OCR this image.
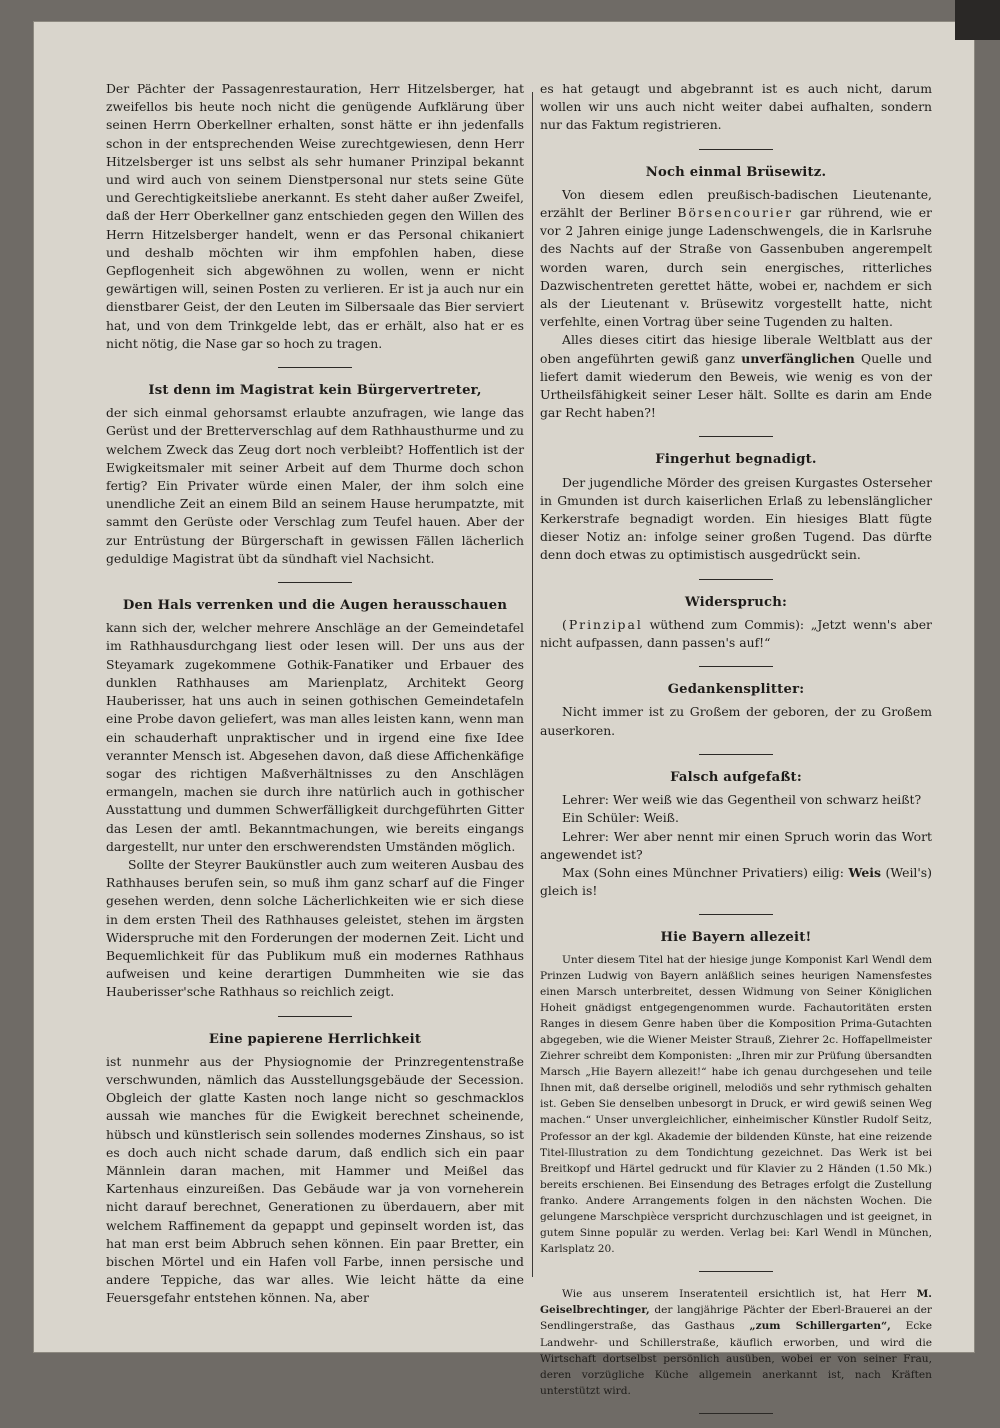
Der Pächter der Passagenrestauration, Herr Hitzelsberger, hat zweifellos bis heute noch nicht die genügende Aufklärung über seinen Herrn Oberkellner erhalten, sonst hätte er ihn jedenfalls schon in der entsprechenden Weise zurechtgewiesen, denn Herr Hitzelsberger ist uns selbst als sehr humaner Prinzipal bekannt und wird auch von seinem Dienstpersonal nur stets seine Güte und Gerechtigkeitsliebe anerkannt. Es steht daher außer Zweifel, daß der Herr Oberkellner ganz entschieden gegen den Willen des Herrn Hitzelsberger handelt, wenn er das Personal chikaniert und deshalb möchten wir ihm empfohlen haben, diese Gepflogenheit sich abgewöhnen zu wollen, wenn er nicht gewärtigen will, seinen Posten zu verlieren. Er ist ja auch nur ein dienstbarer Geist, der den Leuten im Silbersaale das Bier serviert hat, und von dem Trinkgelde lebt, das er erhält, also hat er es nicht nötig, die Nase gar so hoch zu tragen.

Ist denn im Magistrat kein Bürgervertreter,

der sich einmal gehorsamst erlaubte anzufragen, wie lange das Gerüst und der Bretterverschlag auf dem Rathhausthurme und zu welchem Zweck das Zeug dort noch verbleibt? Hoffentlich ist der Ewigkeitsmaler mit seiner Arbeit auf dem Thurme doch schon fertig? Ein Privater würde einen Maler, der ihm solch eine unendliche Zeit an einem Bild an seinem Hause herumpatzte, mit sammt den Gerüste oder Verschlag zum Teufel hauen. Aber der zur Entrüstung der Bürgerschaft in gewissen Fällen lächerlich geduldige Magistrat übt da sündhaft viel Nachsicht.

Den Hals verrenken und die Augen herausschauen

kann sich der, welcher mehrere Anschläge an der Gemeindetafel im Rathhausdurchgang liest oder lesen will. Der uns aus der Steyamark zugekommene Gothik-Fanatiker und Erbauer des dunklen Rathhauses am Marienplatz, Architekt Georg Hauberisser, hat uns auch in seinen gothischen Gemeindetafeln eine Probe davon geliefert, was man alles leisten kann, wenn man ein schauderhaft unpraktischer und in irgend eine fixe Idee verannter Mensch ist. Abgesehen davon, daß diese Affichenkäfige sogar des richtigen Maßverhältnisses zu den Anschlägen ermangeln, machen sie durch ihre natürlich auch in gothischer Ausstattung und dummen Schwerfälligkeit durchgeführten Gitter das Lesen der amtl. Bekanntmachungen, wie bereits eingangs dargestellt, nur unter den erschwerendsten Umständen möglich.

Sollte der Steyrer Baukünstler auch zum weiteren Ausbau des Rathhauses berufen sein, so muß ihm ganz scharf auf die Finger gesehen werden, denn solche Lächerlichkeiten wie er sich diese in dem ersten Theil des Rathhauses geleistet, stehen im ärgsten Widerspruche mit den Forderungen der modernen Zeit. Licht und Bequemlichkeit für das Publikum muß ein modernes Rathhaus aufweisen und keine derartigen Dummheiten wie sie das Hauberisser'sche Rathhaus so reichlich zeigt.

Eine papierene Herrlichkeit

ist nunmehr aus der Physiognomie der Prinzregentenstraße verschwunden, nämlich das Ausstellungsgebäude der Secession. Obgleich der glatte Kasten noch lange nicht so geschmacklos aussah wie manches für die Ewigkeit berechnet scheinende, hübsch und künstlerisch sein sollendes modernes Zinshaus, so ist es doch auch nicht schade darum, daß endlich sich ein paar Männlein daran machen, mit Hammer und Meißel das Kartenhaus einzureißen. Das Gebäude war ja von vorneherein nicht darauf berechnet, Generationen zu überdauern, aber mit welchem Raffinement da gepappt und gepinselt worden ist, das hat man erst beim Abbruch sehen können. Ein paar Bretter, ein bischen Mörtel und ein Hafen voll Farbe, innen persische und andere Teppiche, das war alles. Wie leicht hätte da eine Feuersgefahr entstehen können. Na, aber

es hat getaugt und abgebrannt ist es auch nicht, darum wollen wir uns auch nicht weiter dabei aufhalten, sondern nur das Faktum registrieren.

Noch einmal Brüsewitz.

Von diesem edlen preußisch-badischen Lieutenante, erzählt der Berliner Börsencourier gar rührend, wie er vor 2 Jahren einige junge Ladenschwengels, die in Karlsruhe des Nachts auf der Straße von Gassenbuben angerempelt worden waren, durch sein energisches, ritterliches Dazwischentreten gerettet hätte, wobei er, nachdem er sich als der Lieutenant v. Brüsewitz vorgestellt hatte, nicht verfehlte, einen Vortrag über seine Tugenden zu halten.

Alles dieses citirt das hiesige liberale Weltblatt aus der oben angeführten gewiß ganz unverfänglichen Quelle und liefert damit wiederum den Beweis, wie wenig es von der Urtheilsfähigkeit seiner Leser hält. Sollte es darin am Ende gar Recht haben?!

Fingerhut begnadigt.

Der jugendliche Mörder des greisen Kurgastes Osterseher in Gmunden ist durch kaiserlichen Erlaß zu lebenslänglicher Kerkerstrafe begnadigt worden. Ein hiesiges Blatt fügte dieser Notiz an: infolge seiner großen Tugend. Das dürfte denn doch etwas zu optimistisch ausgedrückt sein.

Widerspruch:

(Prinzipal wüthend zum Commis): „Jetzt wenn's aber nicht aufpassen, dann passen's auf!“

Gedankensplitter:

Nicht immer ist zu Großem der geboren, der zu Großem auserkoren.

Falsch aufgefaßt:

Lehrer: Wer weiß wie das Gegentheil von schwarz heißt?

Ein Schüler: Weiß.

Lehrer: Wer aber nennt mir einen Spruch worin das Wort angewendet ist?

Max (Sohn eines Münchner Privatiers) eilig: Weis (Weil's) gleich is!

Hie Bayern allezeit!

Unter diesem Titel hat der hiesige junge Komponist Karl Wendl dem Prinzen Ludwig von Bayern anläßlich seines heurigen Namensfestes einen Marsch unterbreitet, dessen Widmung von Seiner Königlichen Hoheit gnädigst entgegengenommen wurde. Fachautoritäten ersten Ranges in diesem Genre haben über die Komposition Prima-Gutachten abgegeben, wie die Wiener Meister Strauß, Ziehrer 2c. Hoffapellmeister Ziehrer schreibt dem Komponisten: „Ihren mir zur Prüfung übersandten Marsch „Hie Bayern allezeit!“ habe ich genau durchgesehen und teile Ihnen mit, daß derselbe originell, melodiös und sehr rythmisch gehalten ist. Geben Sie denselben unbesorgt in Druck, er wird gewiß seinen Weg machen.“ Unser unvergleichlicher, einheimischer Künstler Rudolf Seitz, Professor an der kgl. Akademie der bildenden Künste, hat eine reizende Titel-Illustration zu dem Tondichtung gezeichnet. Das Werk ist bei Breitkopf und Härtel gedruckt und für Klavier zu 2 Händen (1.50 Mk.) bereits erschienen. Bei Einsendung des Betrages erfolgt die Zustellung franko. Andere Arrangements folgen in den nächsten Wochen. Die gelungene Marschpièce verspricht durchzuschlagen und ist geeignet, in gutem Sinne populär zu werden. Verlag bei: Karl Wendl in München, Karlsplatz 20.

Wie aus unserem Inseratenteil ersichtlich ist, hat Herr M. Geiselbrechtinger, der langjährige Pächter der Eberl-Brauerei an der Sendlingerstraße, das Gasthaus „zum Schillergarten“, Ecke Landwehr- und Schillerstraße, käuflich erworben, und wird die Wirtschaft dortselbst persönlich ausüben, wobei er von seiner Frau, deren vorzügliche Küche allgemein anerkannt ist, nach Kräften unterstützt wird.
